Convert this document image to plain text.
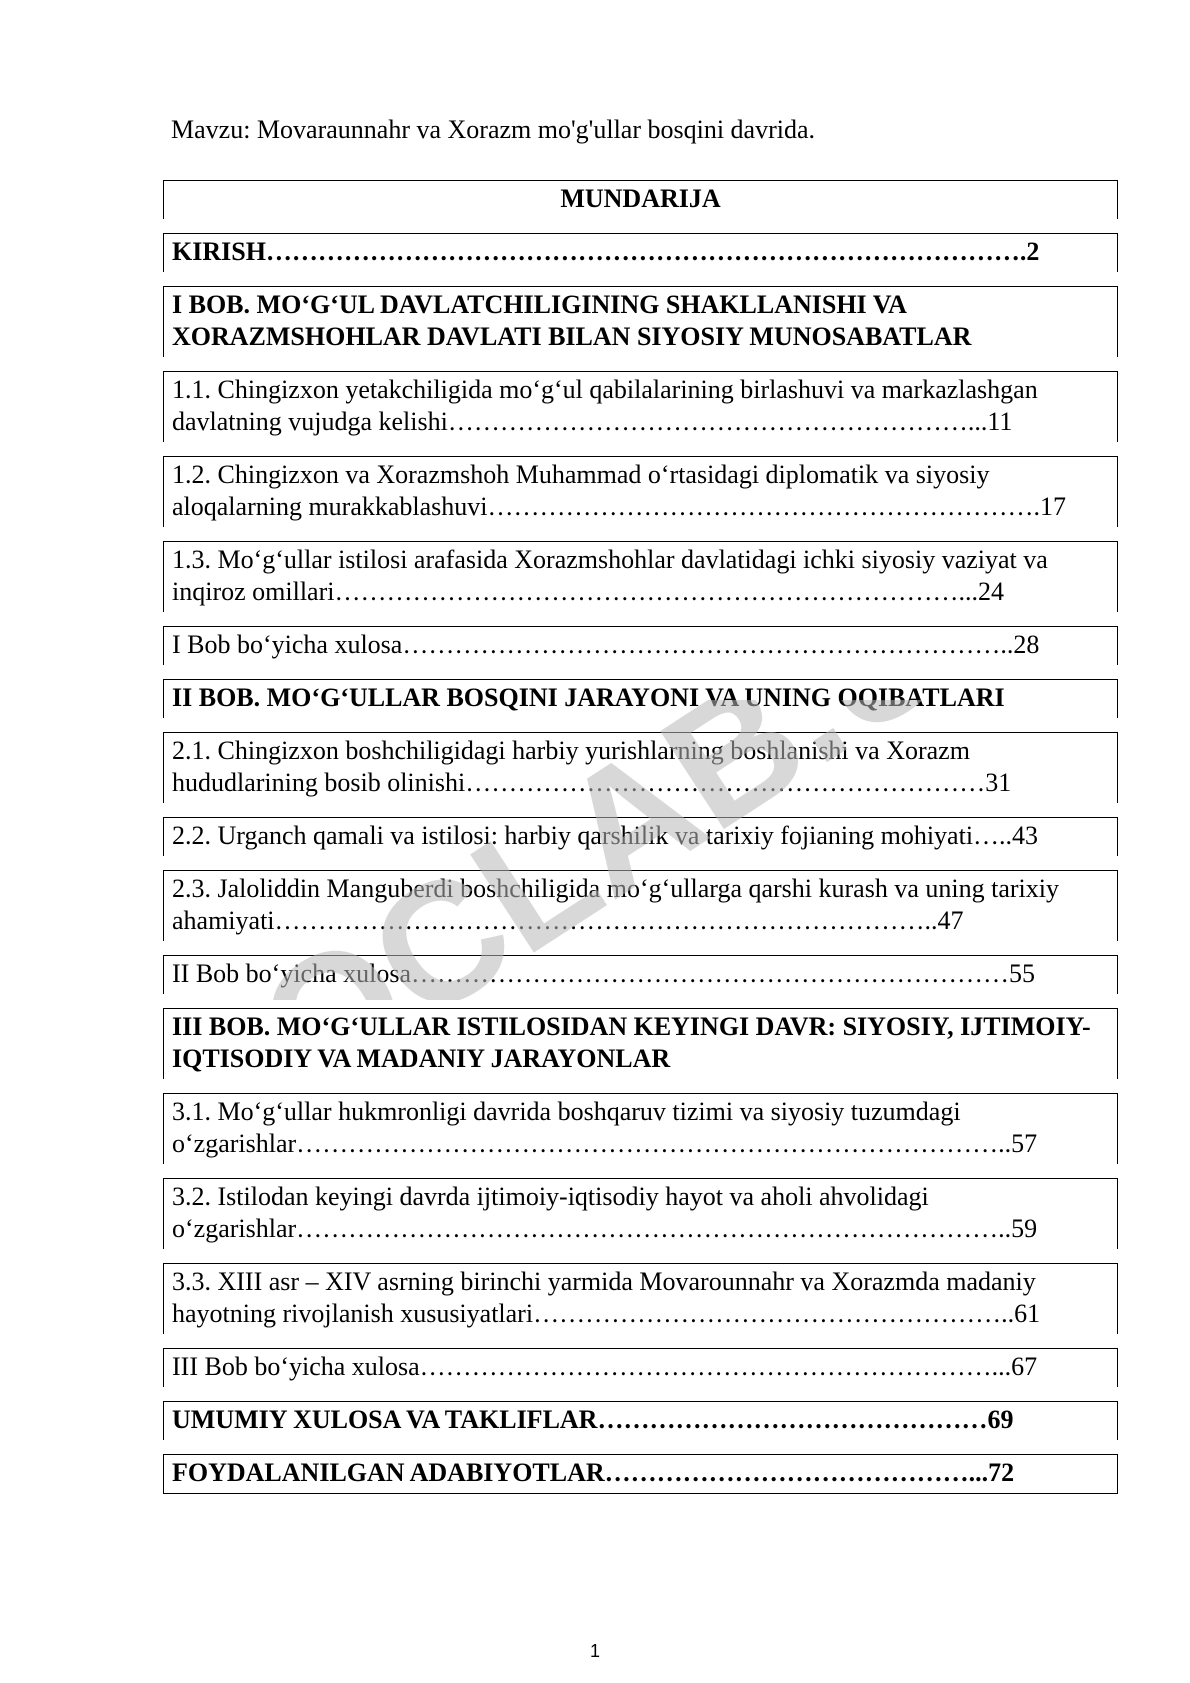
Mavzu: Movaraunnahr va Xorazm mo'g'ullar bosqini davrida.
MUNDARIJA
KIRISH…………………………………………………………………………….2
I BOB. MO‘G‘UL DAVLATCHILIGINING SHAKLLANISHI VA XORAZMSHOHLAR DAVLATI BILAN SIYOSIY MUNOSABATLAR
1.1. Chingizxon yetakchiligida mo‘g‘ul qabilalarining birlashuvi va markazlashgan davlatning vujudga kelishi……………………………………………………...11
1.2. Chingizxon va Xorazmshoh Muhammad o‘rtasidagi diplomatik va siyosiy aloqalarning murakkablashuvi……………………………………………………….17
1.3. Mo‘g‘ullar istilosi arafasida Xorazmshohlar davlatidagi ichki siyosiy vaziyat va inqiroz omillari………………………………………………………………...24
I Bob bo‘yicha xulosa……………………………………………………………..28
II BOB. MO‘G‘ULLAR BOSQINI JARAYONI VA UNING OQIBATLARI
2.1. Chingizxon boshchiligidagi harbiy yurishlarning boshlanishi va Xorazm hududlarining bosib olinishi……………………………………………………31
2.2. Urganch qamali va istilosi: harbiy qarshilik va tarixiy fojianing mohiyati…..43
2.3. Jaloliddin Manguberdi boshchiligida mo‘g‘ullarga qarshi kurash va uning tarixiy ahamiyati…………………………………………………………………..47
II Bob bo‘yicha xulosa……………………………………………………………55
III BOB. MO‘G‘ULLAR ISTILOSIDAN KEYINGI DAVR: SIYOSIY, IJTIMOIY-IQTISODIY VA MADANIY JARAYONLAR
3.1. Mo‘g‘ullar hukmronligi davrida boshqaruv tizimi va siyosiy tuzumdagi o‘zgarishlar………………………………………………………………………..57
3.2. Istilodan keyingi davrda ijtimoiy-iqtisodiy hayot va aholi ahvolidagi o‘zgarishlar………………………………………………………………………..59
3.3. XIII asr – XIV asrning birinchi yarmida Movarounnahr va Xorazmda madaniy hayotning rivojlanish xususiyatlari………………………………………………..61
III Bob bo‘yicha xulosa…………………………………………………………...67
UMUMIY XULOSA VA TAKLIFLAR………………………………………69
FOYDALANILGAN ADABIYOTLAR……………………………………...72
1
